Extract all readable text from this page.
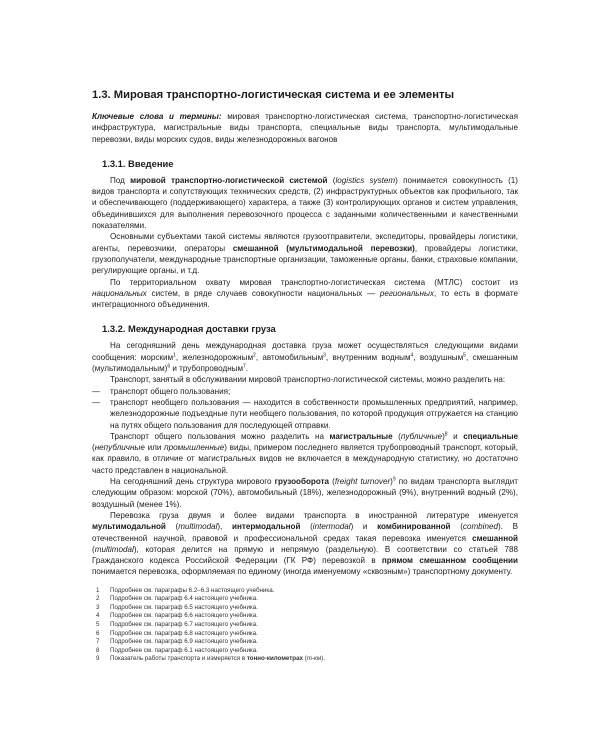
1.3. Мировая транспортно-логистическая система и ее элементы

Ключевые слова и термины: мировая транспортно-логистическая система, транспортно-логистическая инфраструктура, магистральные виды транспорта, специальные виды транспорта, мультимодальные перевозки, виды морских судов, виды железнодорожных вагонов

1.3.1. Введение

Под мировой транспортно-логистической системой (logistics system) понимается совокупность (1) видов транспорта и сопутствующих технических средств, (2) инфраструктурных объектов как профильного, так и обеспечивающего (поддерживающего) характера, а также (3) контролирующих органов и систем управления, объединившихся для выполнения перевозочного процесса с заданными количественными и качественными показателями.

Основными субъектами такой системы являются грузоотправители, экспедиторы, провайдеры логистики, агенты, перевозчики, операторы смешанной (мультимодальной перевозки), провайдеры логистики, грузополучатели, международные транспортные организации, таможенные органы, банки, страховые компании, регулирующие органы, и т.д.

По территориальном охвату мировая транспортно-логистическая система (МТЛС) состоит из национальных систем, в ряде случаев совокупности национальных — региональных, то есть в формате интеграционного объединения.

1.3.2. Международная доставки груза

На сегодняшний день международная доставка груза может осуществляться следующими видами сообщения: морским$^1$, железнодорожным$^2$, автомобильным$^3$, внутренним водным$^4$, воздушным$^5$, смешанным (мультимодальным)$^6$ и трубопроводным$^7$.

Транспорт, занятый в обслуживании мировой транспортно-логистической системы, можно разделить на:

— транспорт общего пользования;
— транспорт необщего пользования — находится в собственности промышленных предприятий, например, железнодорожные подъездные пути необщего пользования, по которой продукция отгружается на станцию на путях общего пользования для последующей отправки.

Транспорт общего пользования можно разделить на магистральные (публичные)$^8$ и специальные (непубличные или промышленные) виды, примером последнего является трубопроводный транспорт, который, как правило, в отличие от магистральных видов не включается в международную статистику, но достаточно часто представлен в национальной.

На сегодняшний день структура мирового грузооборота (freight turnover)$^9$ по видам транспорта выглядит следующим образом: морской (70%), автомобильный (18%), железнодорожный (9%), внутренний водный (2%), воздушный (менее 1%).

Перевозка груза двумя и более видами транспорта в иностранной литературе именуется мультимодальной (multimodal), интермодальной (intermodal) и комбинированной (combined). В отечественной научной, правовой и профессиональной средах такая перевозка именуется смешанной (multimodal), которая делится на прямую и непрямую (раздельную). В соответствии со статьей 788 Гражданского кодекса Российской Федерации (ГК РФ) перевозкой в прямом смешанном сообщении понимается перевозка, оформляемая по единому (иногда именуемому «сквозным») транспортному документу.

1	Подробнее см. параграфы 6.2–6.3 настоящего учебника.
2	Подробнее см. параграф 6.4 настоящего учебника.
3	Подробнее см. параграф 6.5 настоящего учебника.
4	Подробнее см. параграф 6.6 настоящего учебника.
5	Подробнее см. параграф 6.7 настоящего учебника.
6	Подробнее см. параграф 6.8 настоящего учебника.
7	Подробнее см. параграф 6.9 настоящего учебника.
8	Подробнее см. параграф 6.1 настоящего учебника.
9	Показатель работы транспорта и измеряется в тонно-километрах (т-км).
